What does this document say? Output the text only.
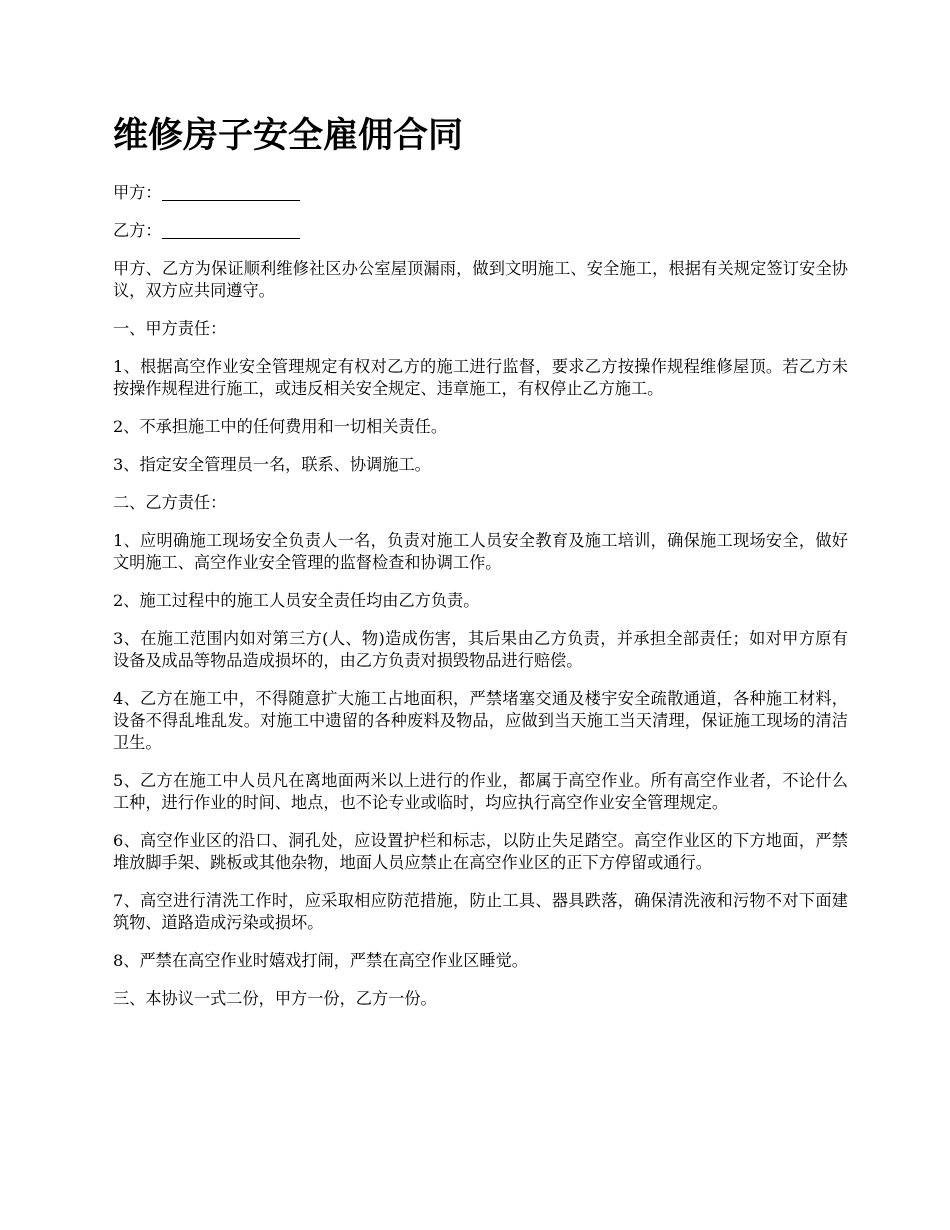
维修房子安全雇佣合同

甲方：

乙方：

甲方、乙方为保证顺利维修社区办公室屋顶漏雨，做到文明施工、安全施工，根据有关规定签订安全协议，双方应共同遵守。

一、甲方责任：

1、根据高空作业安全管理规定有权对乙方的施工进行监督，要求乙方按操作规程维修屋顶。若乙方未按操作规程进行施工，或违反相关安全规定、违章施工，有权停止乙方施工。

2、不承担施工中的任何费用和一切相关责任。

3、指定安全管理员一名，联系、协调施工。

二、乙方责任：

1、应明确施工现场安全负责人一名，负责对施工人员安全教育及施工培训，确保施工现场安全，做好文明施工、高空作业安全管理的监督检查和协调工作。

2、施工过程中的施工人员安全责任均由乙方负责。

3、在施工范围内如对第三方(人、物)造成伤害，其后果由乙方负责，并承担全部责任；如对甲方原有设备及成品等物品造成损坏的，由乙方负责对损毁物品进行赔偿。

4、乙方在施工中，不得随意扩大施工占地面积，严禁堵塞交通及楼宇安全疏散通道，各种施工材料，设备不得乱堆乱发。对施工中遗留的各种废料及物品，应做到当天施工当天清理，保证施工现场的清洁卫生。

5、乙方在施工中人员凡在离地面两米以上进行的作业，都属于高空作业。所有高空作业者，不论什么工种，进行作业的时间、地点，也不论专业或临时，均应执行高空作业安全管理规定。

6、高空作业区的沿口、洞孔处，应设置护栏和标志，以防止失足踏空。高空作业区的下方地面，严禁堆放脚手架、跳板或其他杂物，地面人员应禁止在高空作业区的正下方停留或通行。

7、高空进行清洗工作时，应采取相应防范措施，防止工具、器具跌落，确保清洗液和污物不对下面建筑物、道路造成污染或损坏。

8、严禁在高空作业时嬉戏打闹，严禁在高空作业区睡觉。

三、本协议一式二份，甲方一份，乙方一份。
